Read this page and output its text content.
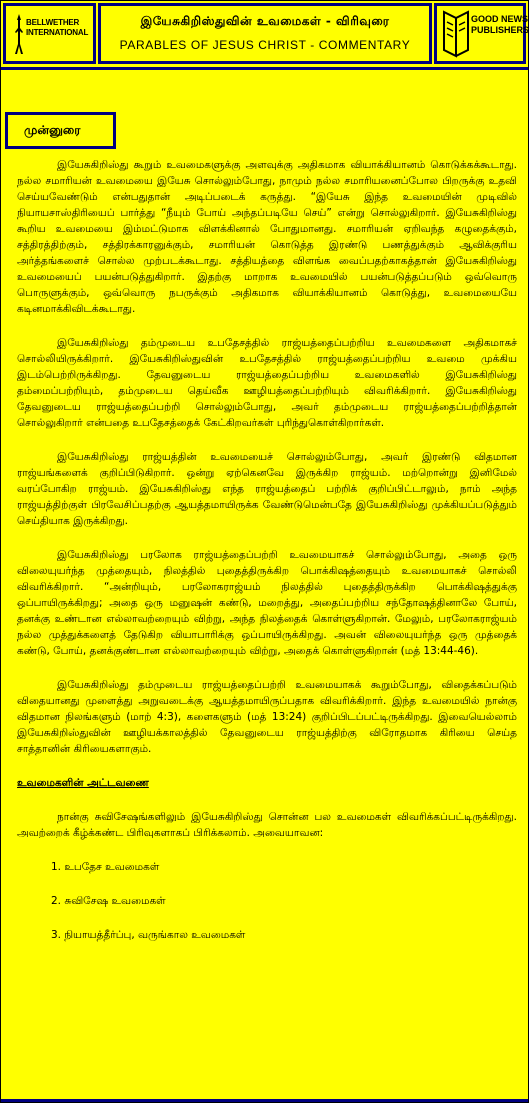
BELLWETHER
INTERNATIONAL
இயேசுகிறிஸ்துவின் உவமைகள் - விரிவுரை
PARABLES OF JESUS CHRIST - COMMENTARY
GOOD NEWS
PUBLISHERS
முன்னுரை

இயேசுகிறிஸ்து கூறும் உவமைகளுக்கு அளவுக்கு அதிகமாக வியாக்கியானம் கொடுக்கக்கூடாது. நல்ல சமாரியன் உவமையை இயேசு சொல்லும்போது, நாமும் நல்ல சமாரியனைப்போல பிறருக்கு உதவி செய்யவேண்டும் என்பதுதான் அடிப்படைக் கருத்து. “இயேசு இந்த உவமையின் முடிவில் நியாயசாஸ்திரியைப் பார்த்து “நீயும் போய் அந்தப்படியே செய்” என்று சொல்லுகிறார். இயேசுகிறிஸ்து கூறிய உவமையை இம்மட்டுமாக விளக்கினால் போதுமானது. சமாரியன் ஏறிவந்த கழுதைக்கும், சத்திரத்திற்கும், சத்திரக்காரனுக்கும், சமாரியன் கொடுத்த இரண்டு பணத்துக்கும் ஆவிக்குரிய அர்த்தங்களைச் சொல்ல முற்படக்கூடாது. சத்தியத்தை விளங்க வைப்பதற்காகத்தான் இயேசுகிறிஸ்து உவமையைப் பயன்படுத்துகிறார். இதற்கு மாறாக உவமையில் பயன்படுத்தப்படும் ஒவ்வொரு பொருளுக்கும், ஒவ்வொரு நபருக்கும் அதிகமாக வியாக்கியானம் கொடுத்து, உவமையையே கடினமாக்கிவிடக்கூடாது.

இயேசுகிறிஸ்து தம்முடைய உபதேசத்தில் ராஜ்யத்தைப்பற்றிய உவமைகளை அதிகமாகச் சொல்லியிருக்கிறார். இயேசுகிறிஸ்துவின் உபதேசத்தில் ராஜ்யத்தைப்பற்றிய உவமை முக்கிய இடம்பெற்றிருக்கிறது. தேவனுடைய ராஜ்யத்தைப்பற்றிய உவமைகளில் இயேசுகிறிஸ்து தம்மைப்பற்றியும், தம்முடைய தெய்வீக ஊழியத்தைப்பற்றியும் விவரிக்கிறார். இயேசுகிறிஸ்து தேவனுடைய ராஜ்யத்தைப்பற்றி சொல்லும்போது, அவர் தம்முடைய ராஜ்யத்தைப்பற்றித்தான் சொல்லுகிறார் என்பதை உபதேசத்தைக் கேட்கிறவர்கள் புரிந்துகொள்கிறார்கள்.

இயேசுகிறிஸ்து ராஜ்யத்தின் உவமையைச் சொல்லும்போது, அவர் இரண்டு விதமான ராஜ்யங்களைக் குறிப்பிடுகிறார். ஒன்று ஏற்கெனவே இருக்கிற ராஜ்யம். மற்றொன்று இனிமேல் வரப்போகிற ராஜ்யம். இயேசுகிறிஸ்து எந்த ராஜ்யத்தைப் பற்றிக் குறிப்பிட்டாலும், நாம் அந்த ராஜ்யத்திற்குள் பிரவேசிப்பதற்கு ஆயத்தமாயிருக்க வேண்டுமென்பதே இயேசுகிறிஸ்து முக்கியப்படுத்தும் செய்தியாக இருக்கிறது.

இயேசுகிறிஸ்து பரலோக ராஜ்யத்தைப்பற்றி உவமையாகச் சொல்லும்போது, அதை ஒரு விலையுயர்ந்த முத்தையும், நிலத்தில் புதைத்திருக்கிற பொக்கிஷத்தையும் உவமையாகச் சொல்லி விவரிக்கிறார். “அன்றியும், பரலோகராஜ்யம் நிலத்தில் புதைத்திருக்கிற பொக்கிஷத்துக்கு ஒப்பாயிருக்கிறது; அதை ஒரு மனுஷன் கண்டு, மறைத்து, அதைப்பற்றிய சந்தோஷத்தினாலே போய், தனக்கு உண்டான எல்லாவற்றையும் விற்று, அந்த நிலத்தைக் கொள்ளுகிறான். மேலும், பரலோகராஜ்யம் நல்ல முத்துக்களைத் தேடுகிற வியாபாரிக்கு ஒப்பாயிருக்கிறது. அவன் விலையுயர்ந்த ஒரு முத்தைக் கண்டு, போய், தனக்குண்டான எல்லாவற்றையும் விற்று, அதைக் கொள்ளுகிறான் (மத் 13:44-46).

இயேசுகிறிஸ்து தம்முடைய ராஜ்யத்தைப்பற்றி உவமையாகக் கூறும்போது, விதைக்கப்படும் விதையானது முளைத்து அறுவடைக்கு ஆயத்தமாயிருப்பதாக விவரிக்கிறார். இந்த உவமையில் நான்கு விதமான நிலங்களும் (மாற் 4:3), களைகளும் (மத் 13:24) குறிப்பிடப்பட்டிருக்கிறது. இவையெல்லாம் இயேசுகிறிஸ்துவின் ஊழியக்காலத்தில் தேவனுடைய ராஜ்யத்திற்கு விரோதமாக கிரியை செய்த சாத்தானின் கிரியைகளாகும்.

உவமைகளின் அட்டவணை

நான்கு சுவிசேஷங்களிலும் இயேசுகிறிஸ்து சொன்ன பல உவமைகள் விவரிக்கப்பட்டிருக்கிறது. அவற்றைக் கீழ்க்கண்ட பிரிவுகளாகப் பிரிக்கலாம். அவையாவன:

1. உபதேச உவமைகள்
2. சுவிசேஷ உவமைகள்
3. நியாயத்தீர்ப்பு, வருங்கால உவமைகள்
